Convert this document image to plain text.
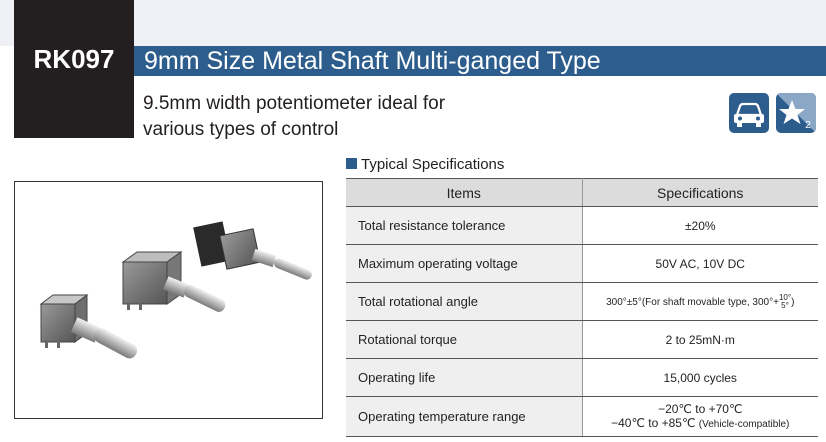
RK097	9mm Size Metal Shaft Multi-ganged Type
9.5mm width potentiometer ideal for
various types of control	2
Typical Specifications
Items	Specifications
Total resistance tolerance	±20%
Maximum operating voltage	50V AC, 10V DC
Total rotational angle	300°±5°(For shaft movable type, 300°+10°
5° )
Rotational torque	2 to 25mN·m
Operating life	15,000 cycles
Operating temperature range	−20℃ to +70℃
−40℃ to +85℃ (Vehicle-compatible)
